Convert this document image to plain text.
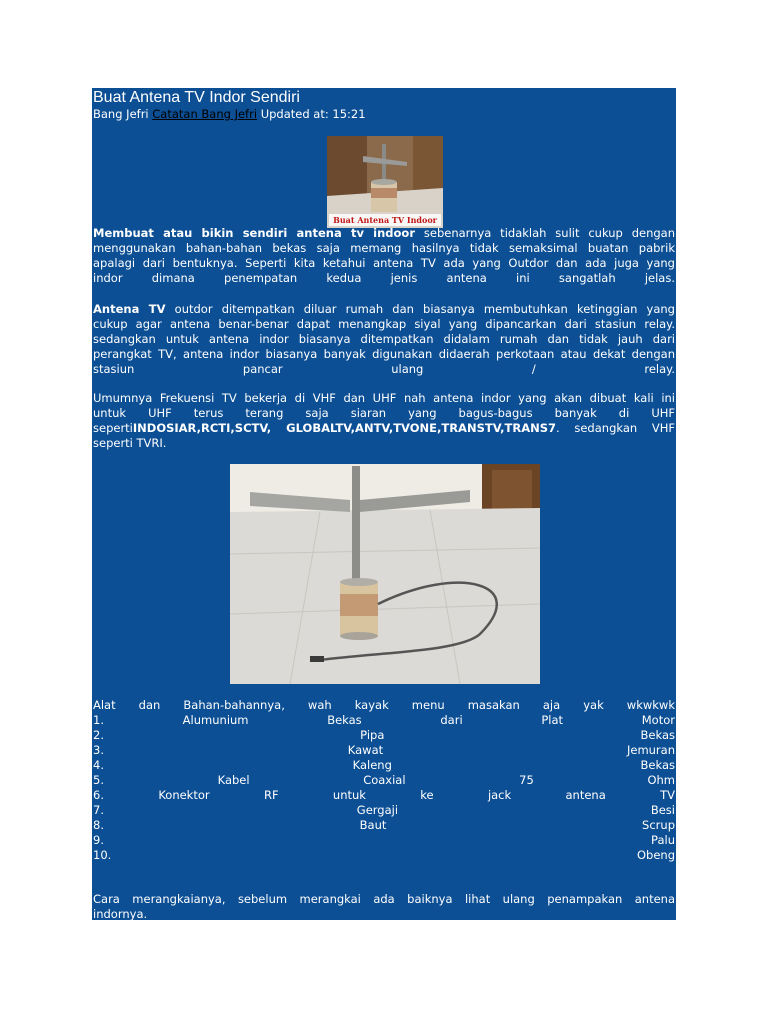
Buat Antena TV Indor Sendiri
Bang Jefri Catatan Bang Jefri Updated at: 15:21
Buat Antena TV Indoor

Membuat atau bikin sendiri antena tv indoor sebenarnya tidaklah sulit cukup dengan

menggunakan bahan-bahan bekas saja memang hasilnya tidak semaksimal buatan pabrik

apalagi dari bentuknya. Seperti kita ketahui antena TV ada yang Outdor dan ada juga yang

indor dimana penempatan kedua jenis antena ini sangatlah jelas.

Antena TV outdor ditempatkan diluar rumah dan biasanya membutuhkan ketinggian yang

cukup agar antena benar-benar dapat menangkap siyal yang dipancarkan dari stasiun relay.

sedangkan untuk antena indor biasanya ditempatkan didalam rumah dan tidak jauh dari

perangkat TV, antena indor biasanya banyak digunakan didaerah perkotaan atau dekat dengan

stasiun pancar ulang / relay.

Umumnya Frekuensi TV bekerja di VHF dan UHF nah antena indor yang akan dibuat kali ini

untuk UHF terus terang saja siaran yang bagus-bagus banyak di UHF

sepertiINDOSIAR,RCTI,SCTV, GLOBALTV,ANTV,TVONE,TRANSTV,TRANS7. sedangkan VHF

seperti TVRI.

Alat dan Bahan-bahannya, wah kayak menu masakan aja yak wkwkwk

1. Alumunium Bekas dari Plat Motor

2. Pipa Bekas

3. Kawat Jemuran

4. Kaleng Bekas

5. Kabel Coaxial 75 Ohm

6. Konektor RF untuk ke jack antena TV

7. Gergaji Besi

8. Baut Scrup

9. Palu

10. Obeng

Cara merangkaianya, sebelum merangkai ada baiknya lihat ulang penampakan antena

indornya.
